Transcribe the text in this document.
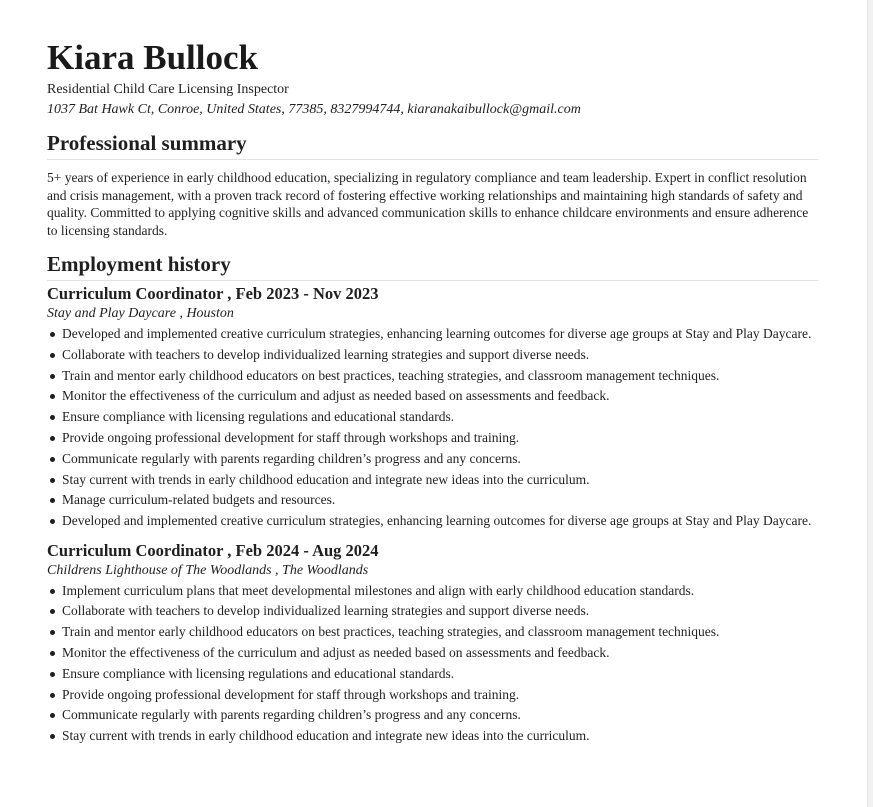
Kiara Bullock
Residential Child Care Licensing Inspector
1037 Bat Hawk Ct, Conroe, United States, 77385, 8327994744, kiaranakaibullock@gmail.com
Professional summary

5+ years of experience in early childhood education, specializing in regulatory compliance and team leadership. Expert in conflict resolution and crisis management, with a proven track record of fostering effective working relationships and maintaining high standards of safety and quality. Committed to applying cognitive skills and advanced communication skills to enhance childcare environments and ensure adherence to licensing standards.

Employment history
Curriculum Coordinator , Feb 2023 - Nov 2023
Stay and Play Daycare , Houston
Developed and implemented creative curriculum strategies, enhancing learning outcomes for diverse age groups at Stay and Play Daycare.
Collaborate with teachers to develop individualized learning strategies and support diverse needs.
Train and mentor early childhood educators on best practices, teaching strategies, and classroom management techniques.
Monitor the effectiveness of the curriculum and adjust as needed based on assessments and feedback.
Ensure compliance with licensing regulations and educational standards.
Provide ongoing professional development for staff through workshops and training.
Communicate regularly with parents regarding children’s progress and any concerns.
Stay current with trends in early childhood education and integrate new ideas into the curriculum.
Manage curriculum-related budgets and resources.
Developed and implemented creative curriculum strategies, enhancing learning outcomes for diverse age groups at Stay and Play Daycare.
Curriculum Coordinator , Feb 2024 - Aug 2024
Childrens Lighthouse of The Woodlands , The Woodlands
Implement curriculum plans that meet developmental milestones and align with early childhood education standards.
Collaborate with teachers to develop individualized learning strategies and support diverse needs.
Train and mentor early childhood educators on best practices, teaching strategies, and classroom management techniques.
Monitor the effectiveness of the curriculum and adjust as needed based on assessments and feedback.
Ensure compliance with licensing regulations and educational standards.
Provide ongoing professional development for staff through workshops and training.
Communicate regularly with parents regarding children’s progress and any concerns.
Stay current with trends in early childhood education and integrate new ideas into the curriculum.
